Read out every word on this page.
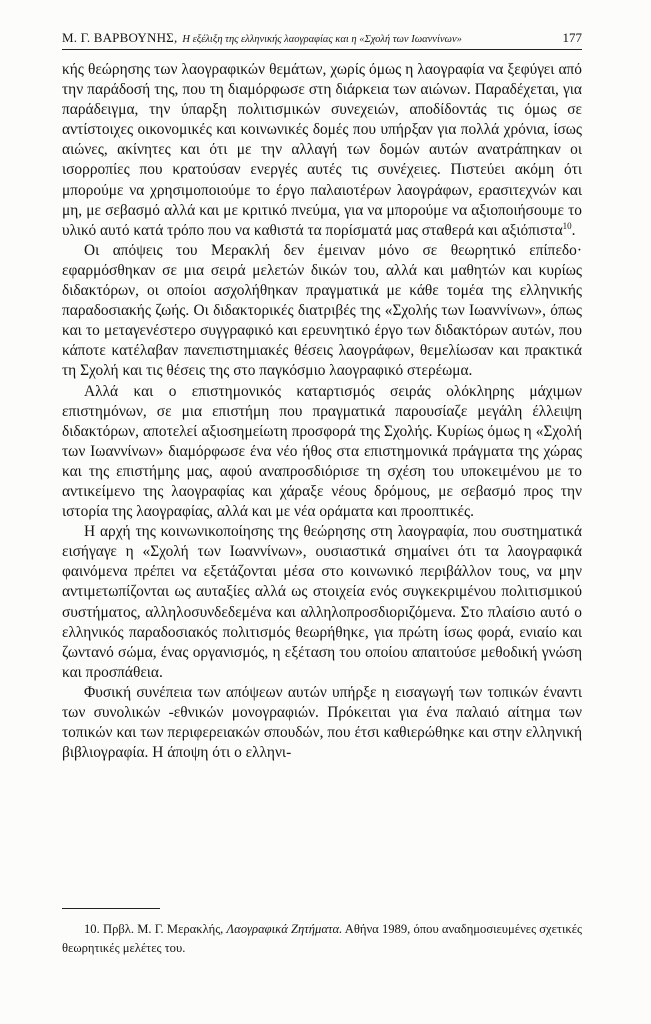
Μ. Γ. ΒΑΡΒΟΥΝΗΣ, Η εξέλιξη της ελληνικής λαογραφίας και η «Σχολή των Ιωαννίνων»	177

κής θεώρησης των λαογραφικών θεμάτων, χωρίς όμως η λαογραφία να ξεφύγει από την παράδοσή της, που τη διαμόρφωσε στη διάρκεια των αιώνων. Παραδέχεται, για παράδειγμα, την ύπαρξη πολιτισμικών συνεχειών, αποδίδοντάς τις όμως σε αντίστοιχες οικονομικές και κοινωνικές δομές που υπήρξαν για πολλά χρόνια, ίσως αιώνες, ακίνητες και ότι με την αλλαγή των δομών αυτών ανατράπηκαν οι ισορροπίες που κρατούσαν ενεργές αυτές τις συνέχειες. Πιστεύει ακόμη ότι μπορούμε να χρησιμοποιούμε το έργο παλαιοτέρων λαογράφων, ερασιτεχνών και μη, με σεβασμό αλλά και με κριτικό πνεύμα, για να μπορούμε να αξιοποιήσουμε το υλικό αυτό κατά τρόπο που να καθιστά τα πορίσματά μας σταθερά και αξιόπιστα$^{10}$.

Οι απόψεις του Μερακλή δεν έμειναν μόνο σε θεωρητικό επίπεδο· εφαρμόσθηκαν σε μια σειρά μελετών δικών του, αλλά και μαθητών και κυρίως διδακτόρων, οι οποίοι ασχολήθηκαν πραγματικά με κάθε τομέα της ελληνικής παραδοσιακής ζωής. Οι διδακτορικές διατριβές της «Σχολής των Ιωαννίνων», όπως και το μεταγενέστερο συγγραφικό και ερευνητικό έργο των διδακτόρων αυτών, που κάποτε κατέλαβαν πανεπιστημιακές θέσεις λαογράφων, θεμελίωσαν και πρακτικά τη Σχολή και τις θέσεις της στο παγκόσμιο λαογραφικό στερέωμα.

Αλλά και ο επιστημονικός καταρτισμός σειράς ολόκληρης μάχιμων επιστημόνων, σε μια επιστήμη που πραγματικά παρουσίαζε μεγάλη έλλειψη διδακτόρων, αποτελεί αξιοσημείωτη προσφορά της Σχολής. Κυρίως όμως η «Σχολή των Ιωαννίνων» διαμόρφωσε ένα νέο ήθος στα επιστημονικά πράγματα της χώρας και της επιστήμης μας, αφού αναπροσδιόρισε τη σχέση του υποκειμένου με το αντικείμενο της λαογραφίας και χάραξε νέους δρόμους, με σεβασμό προς την ιστορία της λαογραφίας, αλλά και με νέα οράματα και προοπτικές.

Η αρχή της κοινωνικοποίησης της θεώρησης στη λαογραφία, που συστηματικά εισήγαγε η «Σχολή των Ιωαννίνων», ουσιαστικά σημαίνει ότι τα λαογραφικά φαινόμενα πρέπει να εξετάζονται μέσα στο κοινωνικό περιβάλλον τους, να μην αντιμετωπίζονται ως αυταξίες αλλά ως στοιχεία ενός συγκεκριμένου πολιτισμικού συστήματος, αλληλοσυνδεδεμένα και αλληλοπροσδιοριζόμενα. Στο πλαίσιο αυτό ο ελληνικός παραδοσιακός πολιτισμός θεωρήθηκε, για πρώτη ίσως φορά, ενιαίο και ζωντανό σώμα, ένας οργανισμός, η εξέταση του οποίου απαιτούσε μεθοδική γνώση και προσπάθεια.

Φυσική συνέπεια των απόψεων αυτών υπήρξε η εισαγωγή των τοπικών έναντι των συνολικών -εθνικών μονογραφιών. Πρόκειται για ένα παλαιό αίτημα των τοπικών και των περιφερειακών σπουδών, που έτσι καθιερώθηκε και στην ελληνική βιβλιογραφία. Η άποψη ότι ο ελληνι-

10. Πρβλ. Μ. Γ. Μερακλής, Λαογραφικά Ζητήματα. Αθήνα 1989, όπου αναδημοσιευμένες σχετικές θεωρητικές μελέτες του.
